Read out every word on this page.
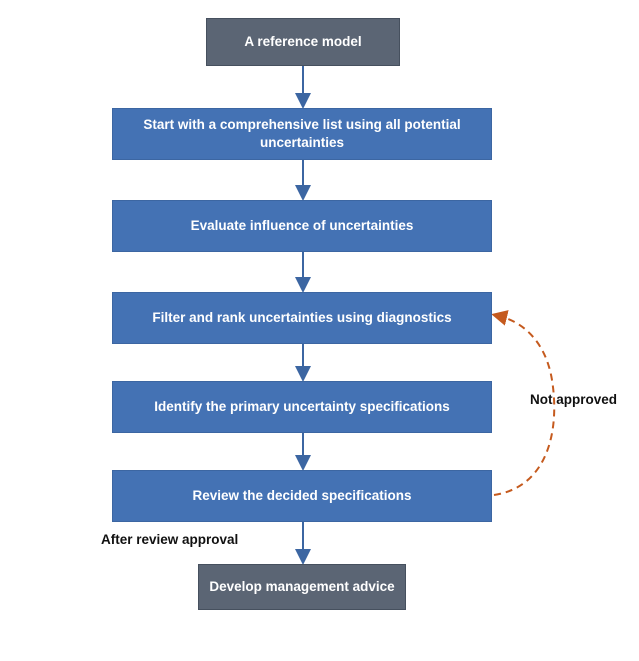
A reference model
Start with a comprehensive list using all potential uncertainties
Evaluate influence of uncertainties
Filter and rank uncertainties using diagnostics
Identify the primary uncertainty specifications
Review the decided specifications
Develop management advice
Not approved
After review approval
